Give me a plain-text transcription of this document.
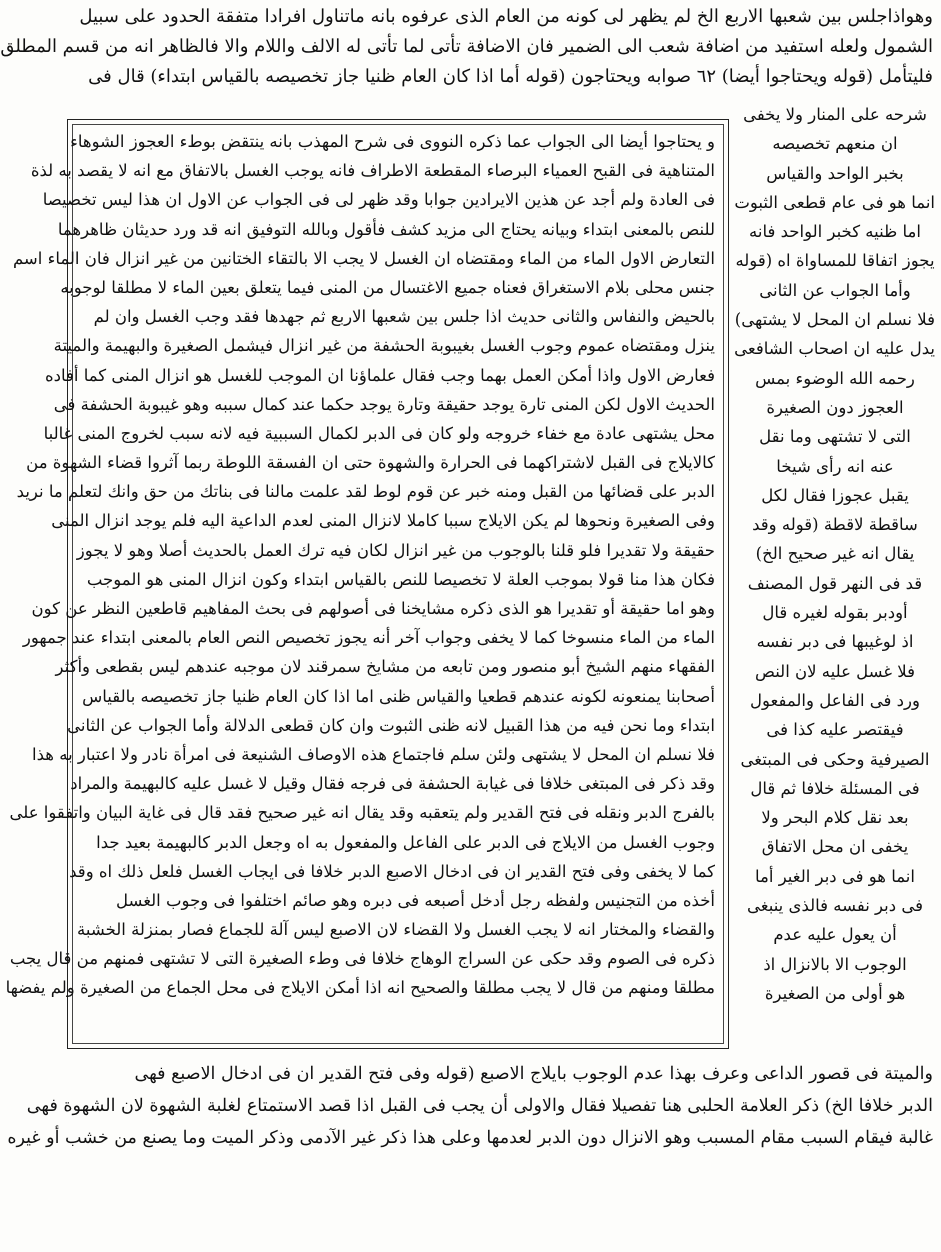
وهواذاجلس بين شعبها الاربع الخ لم يظهر لى كونه من العام الذى عرفوه بانه ماتناول افرادا متفقة الحدود على سبيل
الشمول ولعله استفيد من اضافة شعب الى الضمير فان الاضافة تأتى لما تأتى له الالف واللام والا فالظاهر انه من قسم المطلق
فليتأمل (قوله ويحتاجوا أيضا) ٦٢ صوابه ويحتاجون (قوله أما اذا كان العام ظنيا جاز تخصيصه بالقياس ابتداء) قال فى
و يحتاجوا أيضا الى الجواب عما ذكره النووى فى شرح المهذب بانه ينتقض بوطء العجوز الشوهاء
المتناهية فى القبح العمياء البرصاء المقطعة الاطراف فانه يوجب الغسل بالاتفاق مع انه لا يقصد به لذة
فى العادة ولم أجد عن هذين الايرادين جوابا وقد ظهر لى فى الجواب عن الاول ان هذا ليس تخصيصا
للنص بالمعنى ابتداء وبيانه يحتاج الى مزيد كشف فأقول وبالله التوفيق انه قد ورد حديثان ظاهرهما
التعارض الاول الماء من الماء ومقتضاه ان الغسل لا يجب الا بالتقاء الختانين من غير انزال فان الماء اسم
جنس محلى بلام الاستغراق فعناه جميع الاغتسال من المنى فيما يتعلق بعين الماء لا مطلقا لوجوبه
بالحيض والنفاس والثانى حديث اذا جلس بين شعبها الاربع ثم جهدها فقد وجب الغسل وان لم
ينزل ومقتضاه عموم وجوب الغسل بغيبوبة الحشفة من غير انزال فيشمل الصغيرة والبهيمة والميتة
فعارض الاول واذا أمكن العمل بهما وجب فقال علماؤنا ان الموجب للغسل هو انزال المنى كما أفاده
الحديث الاول لكن المنى تارة يوجد حقيقة وتارة يوجد حكما عند كمال سببه وهو غيبوبة الحشفة فى
محل يشتهى عادة مع خفاء خروجه ولو كان فى الدبر لكمال السببية فيه لانه سبب لخروج المنى غالبا
كالايلاج فى القبل لاشتراكهما فى الحرارة والشهوة حتى ان الفسقة اللوطة ربما آثروا قضاء الشهوة من
الدبر على قضائها من القبل ومنه خبر عن قوم لوط لقد علمت مالنا فى بناتك من حق وانك لتعلم ما نريد
وفى الصغيرة ونحوها لم يكن الايلاج سببا كاملا لانزال المنى لعدم الداعية اليه فلم يوجد انزال المنى
حقيقة ولا تقديرا فلو قلنا بالوجوب من غير انزال لكان فيه ترك العمل بالحديث أصلا وهو لا يجوز
فكان هذا منا قولا بموجب العلة لا تخصيصا للنص بالقياس ابتداء وكون انزال المنى هو الموجب
وهو اما حقيقة أو تقديرا هو الذى ذكره مشايخنا فى أصولهم فى بحث المفاهيم قاطعين النظر عن كون
الماء من الماء منسوخا كما لا يخفى وجواب آخر أنه يجوز تخصيص النص العام بالمعنى ابتداء عند جمهور
الفقهاء منهم الشيخ أبو منصور ومن تابعه من مشايخ سمرقند لان موجبه عندهم ليس بقطعى وأكثر
أصحابنا يمنعونه لكونه عندهم قطعيا والقياس ظنى اما اذا كان العام ظنيا جاز تخصيصه بالقياس
ابتداء وما نحن فيه من هذا القبيل لانه ظنى الثبوت وان كان قطعى الدلالة وأما الجواب عن الثانى
فلا نسلم ان المحل لا يشتهى ولئن سلم فاجتماع هذه الاوصاف الشنيعة فى امرأة نادر ولا اعتبار به هذا
وقد ذكر فى المبتغى خلافا فى غيابة الحشفة فى فرجه فقال وقيل لا غسل عليه كالبهيمة والمراد
بالفرج الدبر ونقله فى فتح القدير ولم يتعقبه وقد يقال انه غير صحيح فقد قال فى غاية البيان واتفقوا على
وجوب الغسل من الايلاج فى الدبر على الفاعل والمفعول به اه وجعل الدبر كالبهيمة بعيد جدا
كما لا يخفى وفى فتح القدير ان فى ادخال الاصبع الدبر خلافا فى ايجاب الغسل فلعل ذلك اه وقد
أخذه من التجنيس ولفظه رجل أدخل أصبعه فى دبره وهو صائم اختلفوا فى وجوب الغسل
والقضاء والمختار انه لا يجب الغسل ولا القضاء لان الاصبع ليس آلة للجماع فصار بمنزلة الخشبة
ذكره فى الصوم وقد حكى عن السراج الوهاج خلافا فى وطء الصغيرة التى لا تشتهى فمنهم من قال يجب
مطلقا ومنهم من قال لا يجب مطلقا والصحيح انه اذا أمكن الايلاج فى محل الجماع من الصغيرة ولم يفضها
شرحه على المنار ولا يخفى
ان منعهم تخصيصه
بخبر الواحد والقياس
انما هو فى عام قطعى الثبوت
اما ظنيه كخبر الواحد فانه
يجوز اتفاقا للمساواة اه (قوله
وأما الجواب عن الثانى
فلا نسلم ان المحل لا يشتهى)
يدل عليه ان اصحاب الشافعى
رحمه الله الوضوء بمس
العجوز دون الصغيرة
التى لا تشتهى وما نقل
عنه انه رأى شيخا
يقبل عجوزا فقال لكل
ساقطة لاقطة (قوله وقد
يقال انه غير صحيح الخ)
قد فى النهر قول المصنف
أودبر بقوله لغيره قال
اذ لوغيبها فى دبر نفسه
فلا غسل عليه لان النص
ورد فى الفاعل والمفعول
فيقتصر عليه كذا فى
الصيرفية وحكى فى المبتغى
فى المسئلة خلافا ثم قال
بعد نقل كلام البحر ولا
يخفى ان محل الاتفاق
انما هو فى دبر الغير أما
فى دبر نفسه فالذى ينبغى
أن يعول عليه عدم
الوجوب الا بالانزال اذ
هو أولى من الصغيرة
والميتة فى قصور الداعى وعرف بهذا عدم الوجوب بايلاج الاصبع (قوله وفى فتح القدير ان فى ادخال الاصبع فهى
الدبر خلافا الخ) ذكر العلامة الحلبى هنا تفصيلا فقال والاولى أن يجب فى القبل اذا قصد الاستمتاع لغلبة الشهوة لان الشهوة فهى
غالبة فيقام السبب مقام المسبب وهو الانزال دون الدبر لعدمها وعلى هذا ذكر غير الآدمى وذكر الميت وما يصنع من خشب أو غيره
